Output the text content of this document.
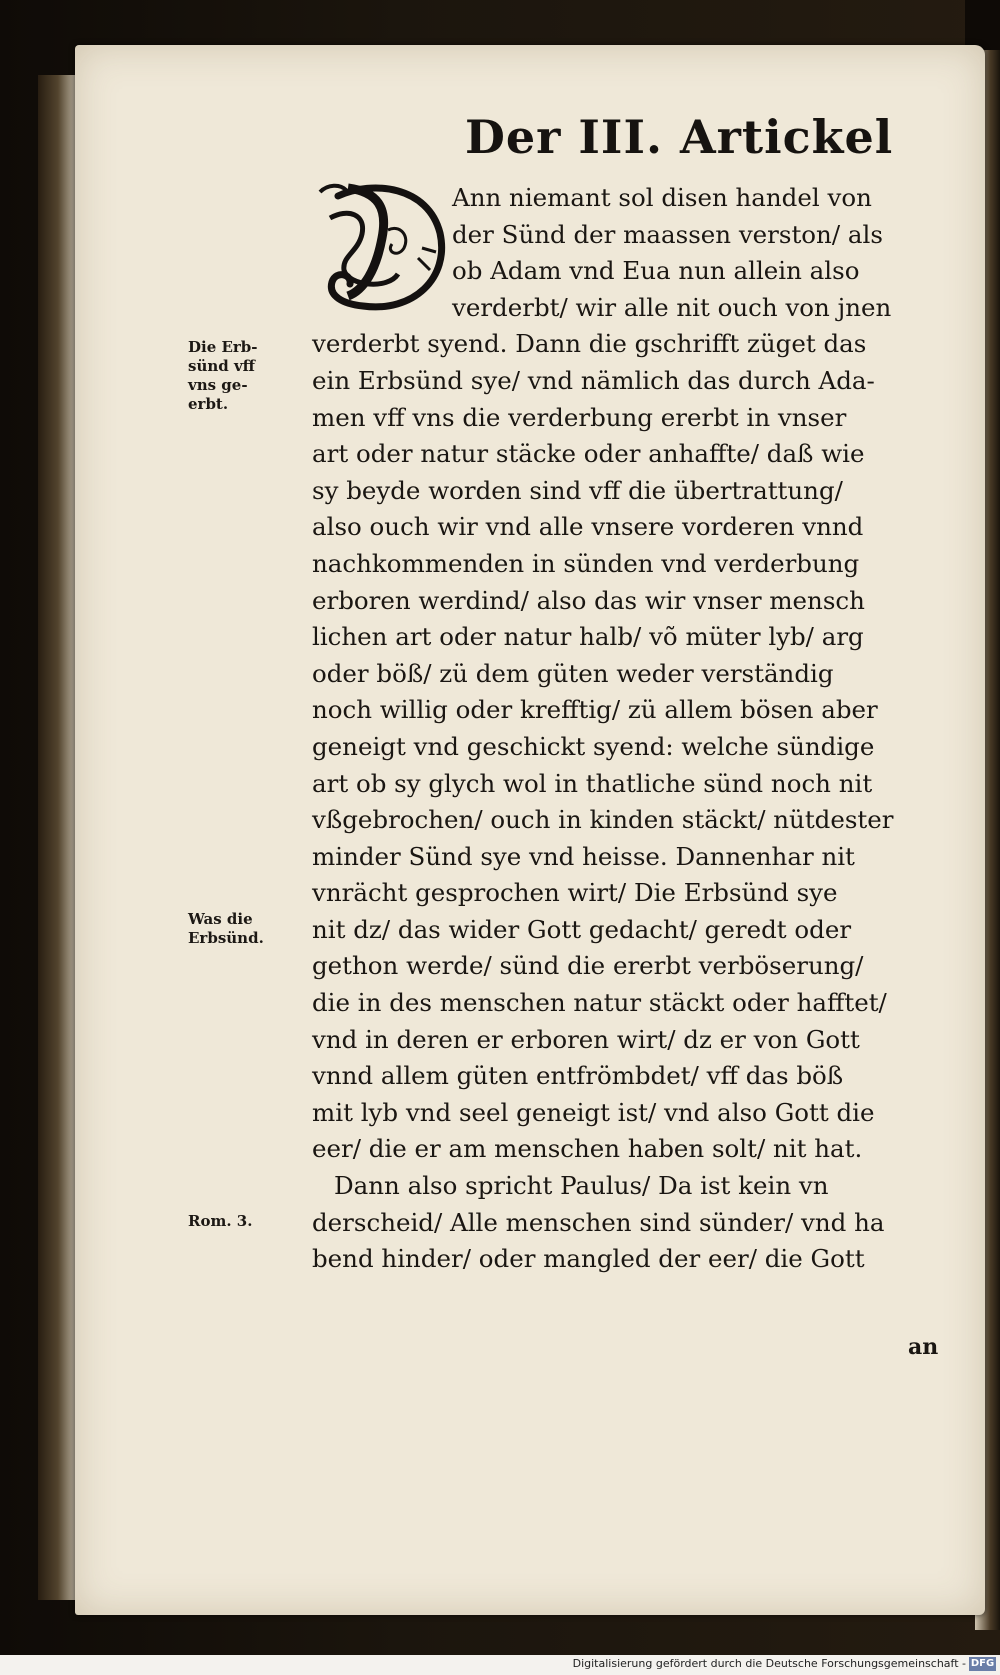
Der III. Artickel
Ann niemant sol disen handel von
der Sünd der maassen verston/ als
ob Adam vnd Eua nun allein also
verderbt/ wir alle nit ouch von jnen
verderbt syend. Dann die gschrifft züget das
ein Erbsünd sye/ vnd nämlich das durch Ada-
men vff vns die verderbung ererbt in vnser
art oder natur stäcke oder anhaffte/ daß wie
sy beyde worden sind vff die übertrattung/
also ouch wir vnd alle vnsere vorderen vnnd
nachkommenden in sünden vnd verderbung
erboren werdind/ also das wir vnser mensch
lichen art oder natur halb/ võ müter lyb/ arg
oder böß/ zü dem güten weder verständig
noch willig oder krefftig/ zü allem bösen aber
geneigt vnd geschickt syend: welche sündige
art ob sy glych wol in thatliche sünd noch nit
vßgebrochen/ ouch in kinden stäckt/ nütdester
minder Sünd sye vnd heisse. Dannenhar nit
vnrächt gesprochen wirt/ Die Erbsünd sye
nit dz/ das wider Gott gedacht/ geredt oder
gethon werde/ sünd die ererbt verböserung/
die in des menschen natur stäckt oder hafftet/
vnd in deren er erboren wirt/ dz er von Gott
vnnd allem güten entfrömbdet/ vff das böß
mit lyb vnd seel geneigt ist/ vnd also Gott die
eer/ die er am menschen haben solt/ nit hat.
Dann also spricht Paulus/ Da ist kein vn
derscheid/ Alle menschen sind sünder/ vnd ha
bend hinder/ oder mangled der eer/ die Gott
Die Erb-
sünd vff
vns ge-
erbt.
Was die
Erbsünd.
Rom. 3.
an
Digitalisierung gefördert durch die Deutsche Forschungsgemeinschaft - DFG
